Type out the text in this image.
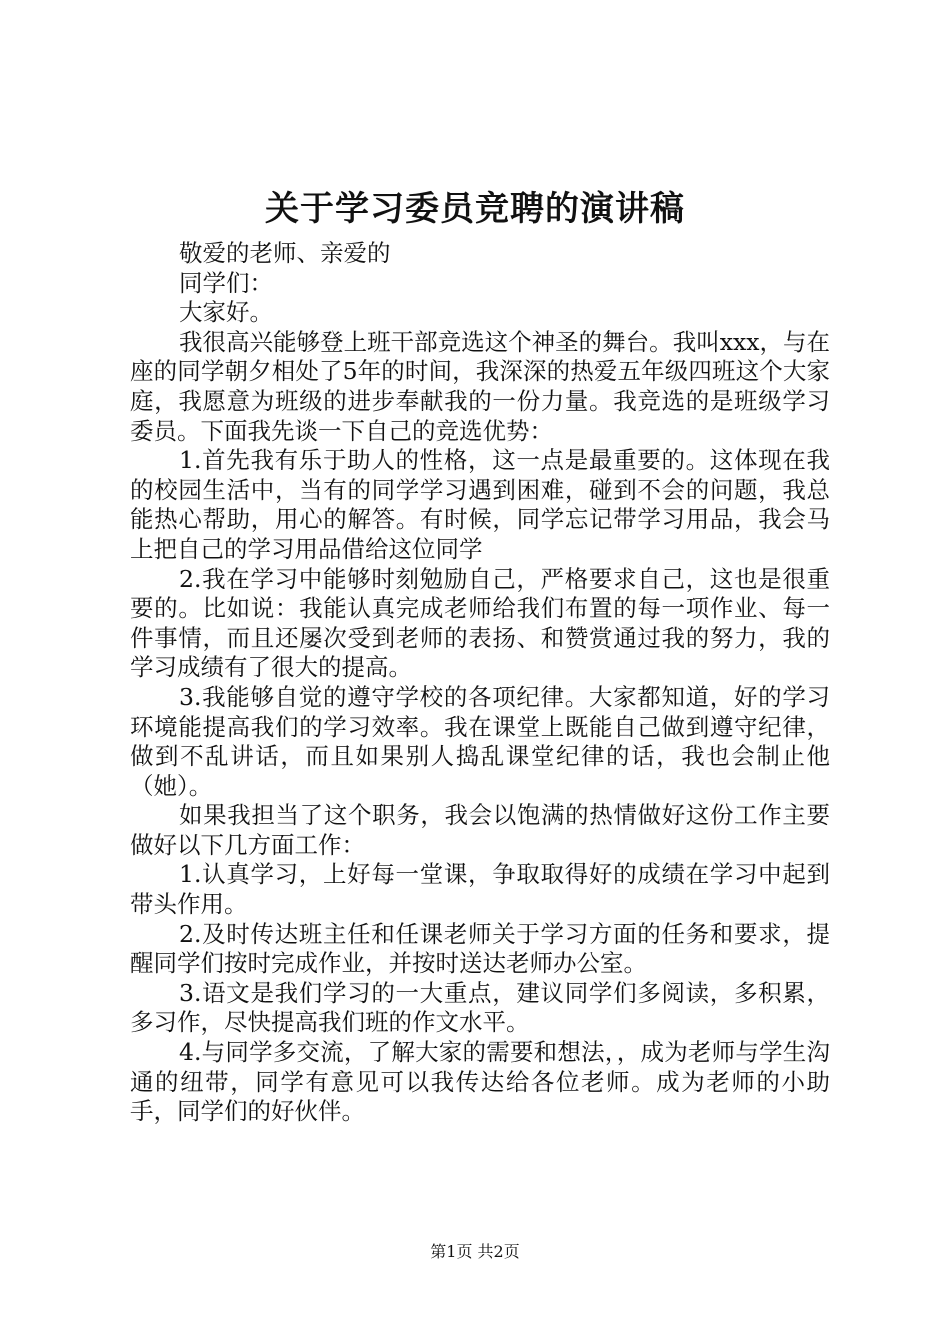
关于学习委员竞聘的演讲稿

敬爱的老师、亲爱的

同学们：

大家好。

我很高兴能够登上班干部竞选这个神圣的舞台。我叫xxx，与在座的同学朝夕相处了5年的时间，我深深的热爱五年级四班这个大家庭，我愿意为班级的进步奉献我的一份力量。我竞选的是班级学习委员。下面我先谈一下自己的竞选优势：

1.首先我有乐于助人的性格，这一点是最重要的。这体现在我的校园生活中，当有的同学学习遇到困难，碰到不会的问题，我总能热心帮助，用心的解答。有时候，同学忘记带学习用品，我会马上把自己的学习用品借给这位同学

2.我在学习中能够时刻勉励自己，严格要求自己，这也是很重要的。比如说：我能认真完成老师给我们布置的每一项作业、每一件事情，而且还屡次受到老师的表扬、和赞赏通过我的努力，我的学习成绩有了很大的提高。

3.我能够自觉的遵守学校的各项纪律。大家都知道，好的学习环境能提高我们的学习效率。我在课堂上既能自己做到遵守纪律，做到不乱讲话，而且如果别人捣乱课堂纪律的话，我也会制止他（她）。

如果我担当了这个职务，我会以饱满的热情做好这份工作主要做好以下几方面工作：

1.认真学习，上好每一堂课，争取取得好的成绩在学习中起到带头作用。

2.及时传达班主任和任课老师关于学习方面的任务和要求，提醒同学们按时完成作业，并按时送达老师办公室。

3.语文是我们学习的一大重点，建议同学们多阅读，多积累，多习作，尽快提高我们班的作文水平。

4.与同学多交流，了解大家的需要和想法，，成为老师与学生沟通的纽带，同学有意见可以我传达给各位老师。成为老师的小助手，同学们的好伙伴。

第1页 共2页
